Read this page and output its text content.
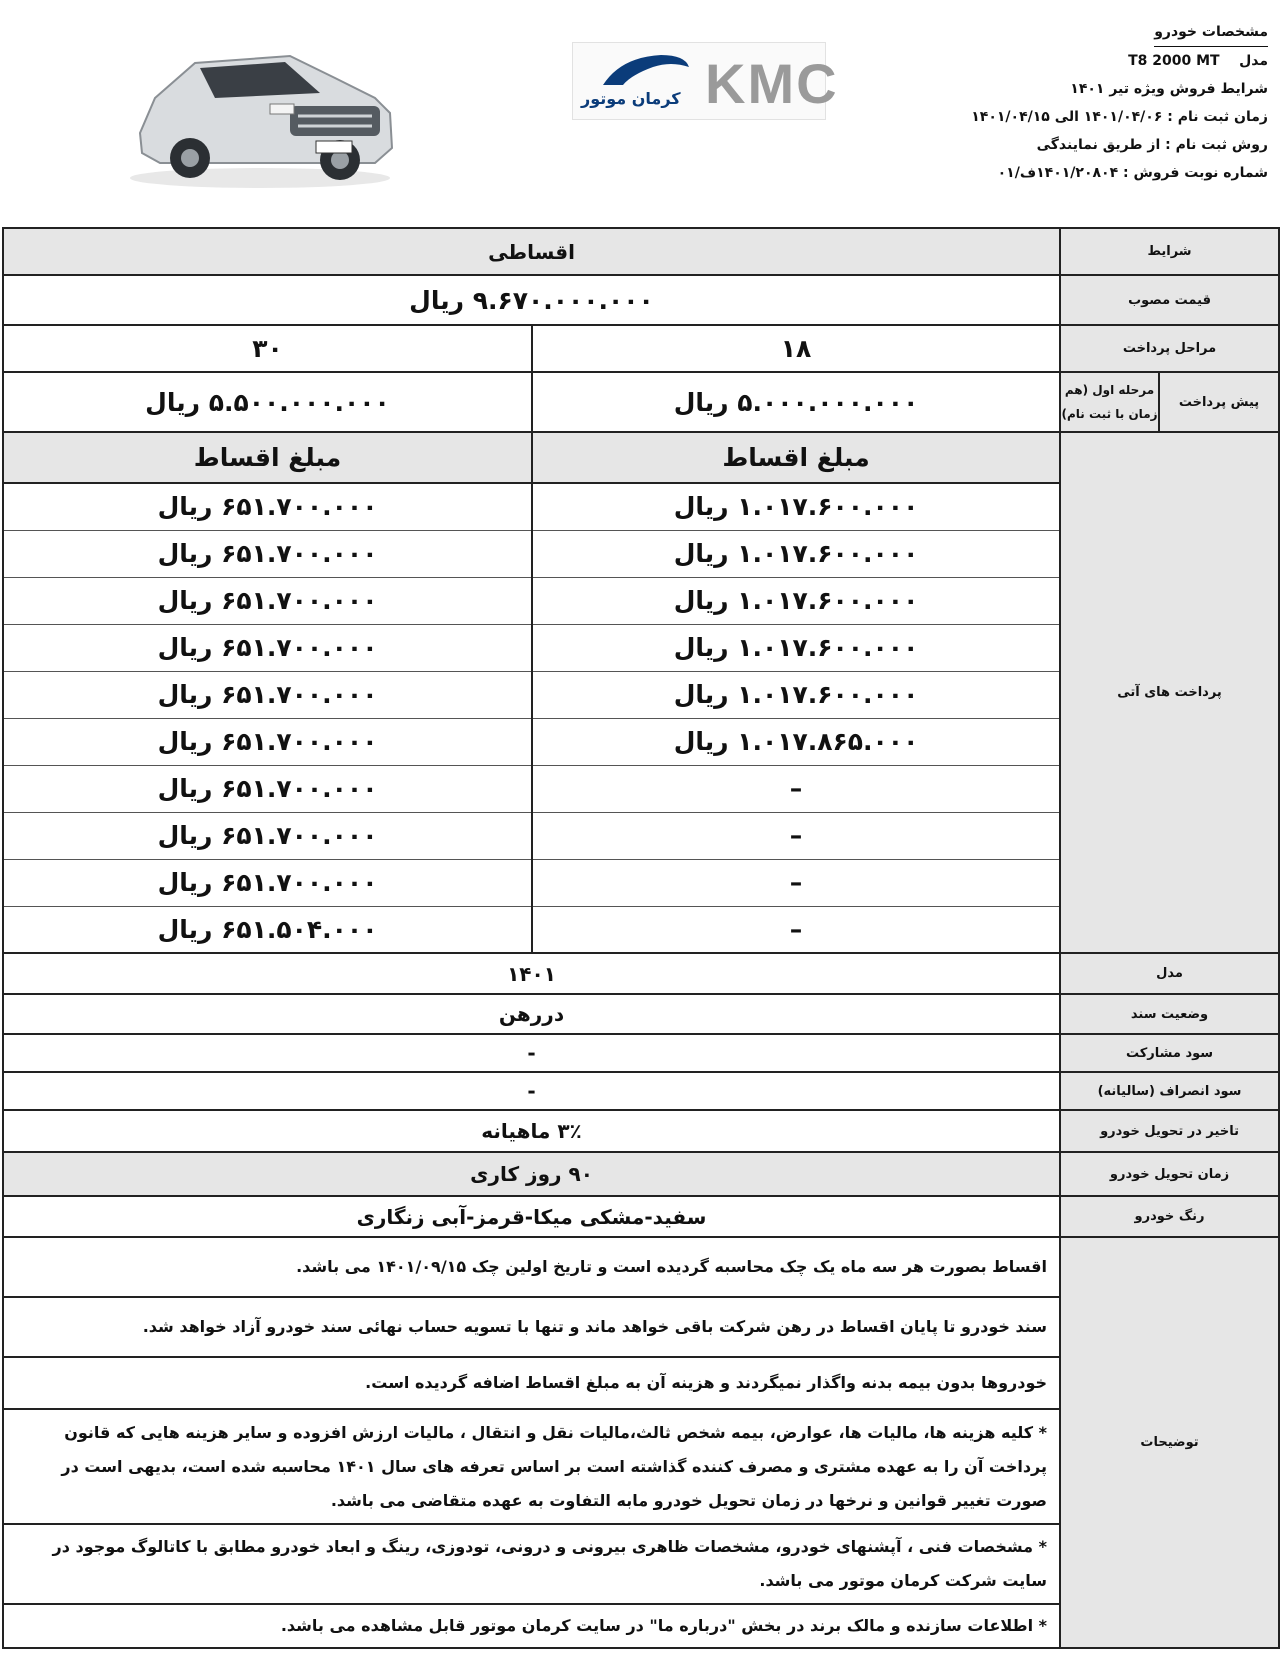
KMC
کرمان موتور
مشخصات خودرو
مدل    T8 2000 MT
شرایط فروش ویژه تیر ۱۴۰۱
زمان ثبت نام : ۱۴۰۱/۰۴/۰۶ الی ۱۴۰۱/۰۴/۱۵
روش ثبت نام : از طریق نمایندگی
شماره نوبت فروش : ۱۴۰۱/۲۰۸۰۴ف/۰۱
شرایط		اقساطی	
قیمت مصوب		۹.۶۷۰.۰۰۰.۰۰۰ ریال	
مراحل پرداخت		۱۸	۳۰
پیش پرداخت	مرحله اول (هم زمان با ثبت نام)	۵.۰۰۰.۰۰۰.۰۰۰ ریال	۵.۵۰۰.۰۰۰.۰۰۰ ریال
پرداخت های آتی		مبلغ اقساط	مبلغ اقساط
		۱.۰۱۷.۶۰۰.۰۰۰ ریال	۶۵۱.۷۰۰.۰۰۰ ریال
		۱.۰۱۷.۶۰۰.۰۰۰ ریال	۶۵۱.۷۰۰.۰۰۰ ریال
		۱.۰۱۷.۶۰۰.۰۰۰ ریال	۶۵۱.۷۰۰.۰۰۰ ریال
		۱.۰۱۷.۶۰۰.۰۰۰ ریال	۶۵۱.۷۰۰.۰۰۰ ریال
		۱.۰۱۷.۶۰۰.۰۰۰ ریال	۶۵۱.۷۰۰.۰۰۰ ریال
		۱.۰۱۷.۸۶۵.۰۰۰ ریال	۶۵۱.۷۰۰.۰۰۰ ریال
		–	۶۵۱.۷۰۰.۰۰۰ ریال
		–	۶۵۱.۷۰۰.۰۰۰ ریال
		–	۶۵۱.۷۰۰.۰۰۰ ریال
		–	۶۵۱.۵۰۴.۰۰۰ ریال
مدل		۱۴۰۱	
وضعیت سند		دررهن	
سود مشارکت		-	
سود انصراف (سالیانه)		-	
تاخیر در تحویل خودرو		۳٪ ماهیانه	
زمان تحویل خودرو		۹۰ روز کاری	
رنگ خودرو		سفید-مشکی میکا-قرمز-آبی زنگاری	
توضیحات		اقساط بصورت هر سه ماه یک چک محاسبه گردیده است و تاریخ اولین چک ۱۴۰۱/۰۹/۱۵ می باشد.	
		سند خودرو تا پایان اقساط در رهن شرکت باقی خواهد ماند و تنها با تسویه حساب نهائی سند خودرو آزاد خواهد شد.	
		خودروها بدون بیمه بدنه واگذار نمیگردند و هزینه آن به مبلغ اقساط اضافه گردیده است.	
		* کلیه هزینه ها، مالیات ها، عوارض، بیمه شخص ثالث،مالیات نقل و انتقال ، مالیات ارزش افزوده و سایر هزینه هایی که قانون پرداخت آن را به عهده مشتری و مصرف کننده گذاشته است بر اساس تعرفه های سال ۱۴۰۱ محاسبه شده است، بدیهی است در صورت تغییر قوانین و نرخها در زمان تحویل خودرو مابه التفاوت به عهده متقاضی می باشد.	
		* مشخصات فنی ، آپشنهای خودرو، مشخصات ظاهری بیرونی و درونی، تودوزی، رینگ و ابعاد خودرو مطابق با کاتالوگ موجود در سایت شرکت کرمان موتور می باشد.	
		* اطلاعات سازنده و مالک برند در بخش "درباره ما" در سایت کرمان موتور قابل مشاهده می باشد.	
